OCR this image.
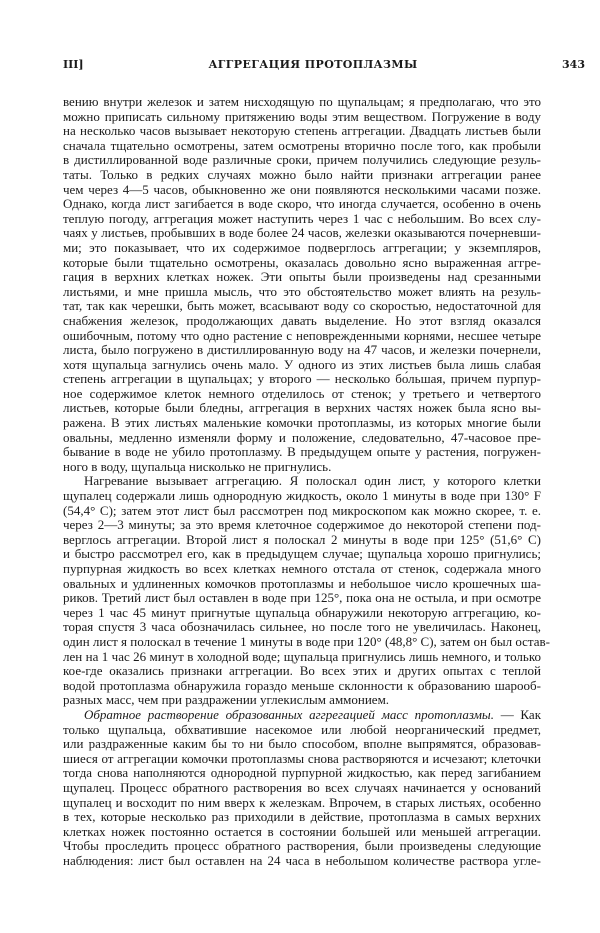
III]	АГГРЕГАЦИЯ ПРОТОПЛАЗМЫ	343

вению внутри железок и затем нисходящую по щупальцам; я предполагаю, что это
можно приписать сильному притяжению воды этим веществом. Погружение в воду
на несколько часов вызывает некоторую степень аггрегации. Двадцать листьев были
сначала тщательно осмотрены, затем осмотрены вторично после того, как пробыли
в дистиллированной воде различные сроки, причем получились следующие резуль-
таты. Только в редких случаях можно было найти признаки аггрегации ранее
чем через 4—5 часов, обыкновенно же они появляются несколькими часами позже.
Однако, когда лист загибается в воде скоро, что иногда случается, особенно в очень
теплую погоду, аггрегация может наступить через 1 час с небольшим. Во всех слу-
чаях у листьев, пробывших в воде более 24 часов, железки оказываются почерневши-
ми; это показывает, что их содержимое подверглось аггрегации; у экземпляров,
которые были тщательно осмотрены, оказалась довольно ясно выраженная аггре-
гация в верхних клетках ножек. Эти опыты были произведены над срезанными
листьями, и мне пришла мысль, что это обстоятельство может влиять на резуль-
тат, так как черешки, быть может, всасывают воду со скоростью, недостаточной для
снабжения железок, продолжающих давать выделение. Но этот взгляд оказался
ошибочным, потому что одно растение с неповрежденными корнями, несшее четыре
листа, было погружено в дистиллированную воду на 47 часов, и железки почернели,
хотя щупальца загнулись очень мало. У одного из этих листьев была лишь слабая
степень аггрегации в щупальцах; у второго — несколько бо́льшая, причем пурпур-
ное содержимое клеток немного отделилось от стенок; у третьего и четвертого
листьев, которые были бледны, аггрегация в верхних частях ножек была ясно вы-
ражена. В этих листьях маленькие комочки протоплазмы, из которых многие были
овальны, медленно изменяли форму и положение, следовательно, 47-часовое пре-
бывание в воде не убило протоплазму. В предыдущем опыте у растения, погружен-
ного в воду, щупальца нисколько не пригнулись.

Нагревание вызывает аггрегацию. Я полоскал один лист, у которого клетки
щупалец содержали лишь однородную жидкость, около 1 минуты в воде при 130° F
(54,4° C); затем этот лист был рассмотрен под микроскопом как можно скорее, т. е.
через 2—3 минуты; за это время клеточное содержимое до некоторой степени под-
верглось аггрегации. Второй лист я полоскал 2 минуты в воде при 125° (51,6° C)
и быстро рассмотрел его, как в предыдущем случае; щупальца хорошо пригнулись;
пурпурная жидкость во всех клетках немного отстала от стенок, содержала много
овальных и удлиненных комочков протоплазмы и небольшое число крошечных ша-
риков. Третий лист был оставлен в воде при 125°, пока она не остыла, и при осмотре
через 1 час 45 минут пригнутые щупальца обнаружили некоторую аггрегацию, ко-
торая спустя 3 часа обозначилась сильнее, но после того не увеличилась. Наконец,
один лист я полоскал в течение 1 минуты в воде при 120° (48,8° C), затем он был остав-
лен на 1 час 26 минут в холодной воде; щупальца пригнулись лишь немного, и только
кое-где оказались признаки аггрегации. Во всех этих и других опытах с теплой
водой протоплазма обнаружила гораздо меньше склонности к образованию шарооб-
разных масс, чем при раздражении углекислым аммонием.

Обратное растворение образованных аггрегацией масс протоплазмы. — Как
только щупальца, обхватившие насекомое или любой неорганический предмет,
или раздраженные каким бы то ни было способом, вполне выпрямятся, образовав-
шиеся от аггрегации комочки протоплазмы снова растворяются и исчезают; клеточки
тогда снова наполняются однородной пурпурной жидкостью, как перед загибанием
щупалец. Процесс обратного растворения во всех случаях начинается у оснований
щупалец и восходит по ним вверх к железкам. Впрочем, в старых листьях, особенно
в тех, которые несколько раз приходили в действие, протоплазма в самых верхних
клетках ножек постоянно остается в состоянии большей или меньшей аггрегации.
Чтобы проследить процесс обратного растворения, были произведены следующие
наблюдения: лист был оставлен на 24 часа в небольшом количестве раствора угле-
